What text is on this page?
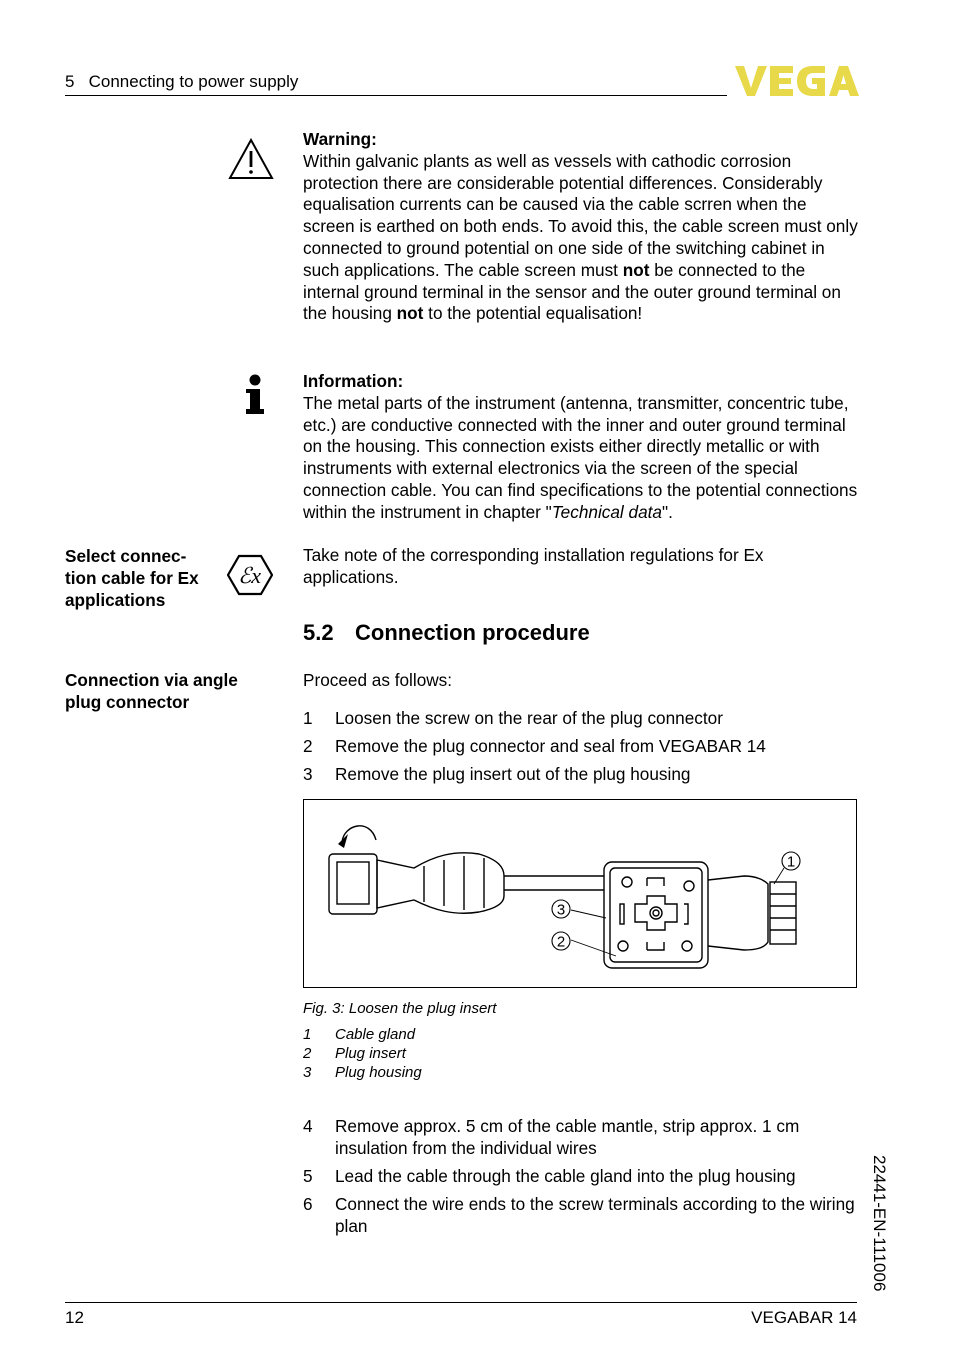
5   Connecting to power supply
Warning:
Within galvanic plants as well as vessels with cathodic corrosion protection there are considerable potential differences. Considerably equalisation currents can be caused via the cable scrren when the screen is earthed on both ends. To avoid this, the cable screen must only connected to ground potential on one side of the switching cabinet in such applications. The cable screen must not be connected to the internal ground terminal in the sensor and the outer ground terminal on the housing not to the potential equalisation!
Information:
The metal parts of the instrument (antenna, transmitter, concentric tube, etc.) are conductive connected with the inner and outer ground terminal on the housing. This connection exists either directly metallic or with instruments with external electronics via the screen of the special connection cable. You can find specifications to the potential connections within the instrument in chapter "Technical data".
Select connec-
tion cable for Ex
applications
ℰx
Take note of the corresponding installation regulations for Ex applications.
5.2 Connection procedure
Connection via angle
plug connector
Proceed as follows:
1 Loosen the screw on the rear of the plug connector
2 Remove the plug connector and seal from VEGABAR 14
3 Remove the plug insert out of the plug housing
1
3
2
Fig. 3: Loosen the plug insert
1 Cable gland
2 Plug insert
3 Plug housing
4 Remove approx. 5 cm of the cable mantle, strip approx. 1 cm insulation from the individual wires
5 Lead the cable through the cable gland into the plug housing
6 Connect the wire ends to the screw terminals according to the wiring plan	22441-EN-111006
12	VEGABAR 14
